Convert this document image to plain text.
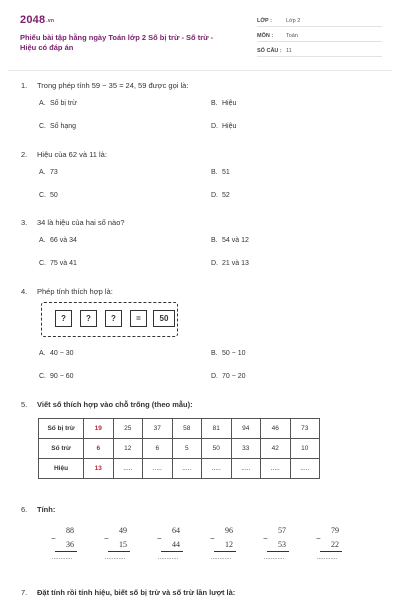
2048.vn
Phiếu bài tập hằng ngày Toán lớp 2 Số bị trừ - Số trừ - Hiệu có đáp án
LỚP :	Lớp 2
MÔN :	Toán
SỐ CÂU : 11
1. Trong phép tính 59 − 35 = 24, 59 được gọi là:
A. Số bị trừ	B. Hiệu
C. Số hạng	D. Hiệu
2. Hiệu của 62 và 11 là:
A. 73	B. 51
C. 50	D. 52
3. 34 là hiệu của hai số nào?
A. 66 và 34	B. 54 và 12
C. 75 và 41	D. 21 và 13
4. Phép tính thích hợp là:
?	?	?	=	50
A. 40 − 30	B. 50 − 10
C. 90 − 60	D. 70 − 20
5. Viết số thích hợp vào chỗ trống (theo mẫu):
Số bị trừ	19	25	37	58	81	94	46	73
Số trừ	6	12	6	5	50	33	42	10
Hiệu	13	.....	.....	.....	.....	.....	.....	.....
6. Tính:
88
−
36
............
49
−
15
............
64
−
44
............
96
−
12
............
57
−
53
............
79
−
22
............
7. Đặt tính rồi tính hiệu, biết số bị trừ và số trừ lần lượt là:
